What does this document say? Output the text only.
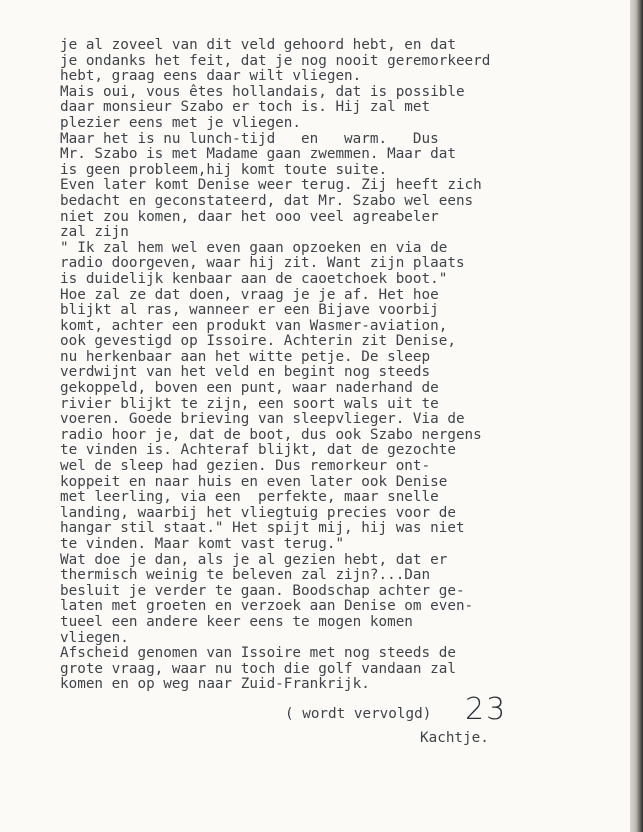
je al zoveel van dit veld gehoord hebt, en dat
je ondanks het feit, dat je nog nooit geremorkeerd
hebt, graag eens daar wilt vliegen.
Mais oui, vous êtes hollandais, dat is possible
daar monsieur Szabo er toch is. Hij zal met
plezier eens met je vliegen.
Maar het is nu lunch-tijd   en   warm.   Dus
Mr. Szabo is met Madame gaan zwemmen. Maar dat
is geen probleem,hij komt toute suite.
Even later komt Denise weer terug. Zij heeft zich
bedacht en geconstateerd, dat Mr. Szabo wel eens
niet zou komen, daar het ooo veel agreabeler
zal zijn
" Ik zal hem wel even gaan opzoeken en via de
radio doorgeven, waar hij zit. Want zijn plaats
is duidelijk kenbaar aan de caoetchoek boot."
Hoe zal ze dat doen, vraag je je af. Het hoe
blijkt al ras, wanneer er een Bijave voorbij
komt, achter een produkt van Wasmer-aviation,
ook gevestigd op Issoire. Achterin zit Denise,
nu herkenbaar aan het witte petje. De sleep
verdwijnt van het veld en begint nog steeds
gekoppeld, boven een punt, waar naderhand de
rivier blijkt te zijn, een soort wals uit te
voeren. Goede brieving van sleepvlieger. Via de
radio hoor je, dat de boot, dus ook Szabo nergens
te vinden is. Achteraf blijkt, dat de gezochte
wel de sleep had gezien. Dus remorkeur ont-
koppeit en naar huis en even later ook Denise
met leerling, via een  perfekte, maar snelle
landing, waarbij het vliegtuig precies voor de
hangar stil staat." Het spijt mij, hij was niet
te vinden. Maar komt vast terug."
Wat doe je dan, als je al gezien hebt, dat er
thermisch weinig te beleven zal zijn?...Dan
besluit je verder te gaan. Boodschap achter ge-
laten met groeten en verzoek aan Denise om even-
tueel een andere keer eens te mogen komen
vliegen.
Afscheid genomen van Issoire met nog steeds de
grote vraag, waar nu toch die golf vandaan zal
komen en op weg naar Zuid-Frankrijk.
( wordt vervolgd) 23
Kachtje.
